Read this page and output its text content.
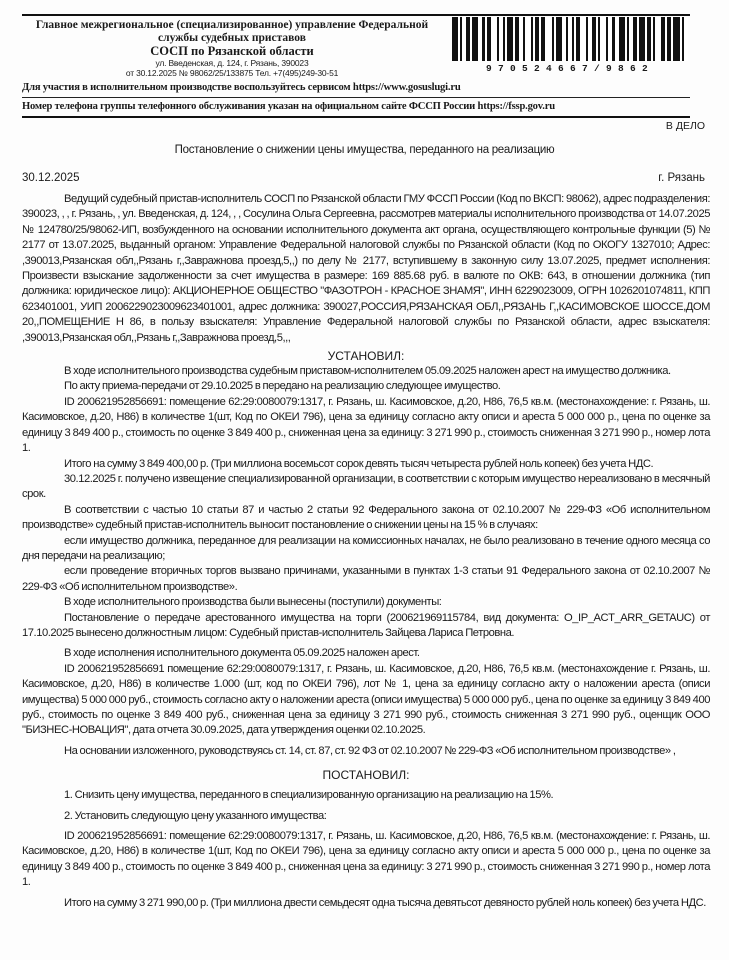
Главное межрегиональное (специализированное) управление Федеральной
службы судебных приставов
СОСП по Рязанской области
ул. Введенская, д. 124, г. Рязань, 390023
от 30.12.2025 № 98062/25/133875 Тел. +7(495)249-30-51	970524667/9862
Для участия в исполнительном производстве воспользуйтесь сервисом https://www.gosuslugi.ru
Номер телефона группы телефонного обслуживания указан на официальном сайте ФССП России https://fssp.gov.ru
В ДЕЛО
Постановление о снижении цены имущества, переданного на реализацию
30.12.2025	г. Рязань

Ведущий судебный пристав-исполнитель СОСП по Рязанской области ГМУ ФССП России (Код по ВКСП: 98062), адрес подразделения: 390023, , , г. Рязань, , ул. Введенская, д. 124, , , Сосулина Ольга Сергеевна, рассмотрев материалы исполнительного производства от 14.07.2025 № 124780/25/98062-ИП, возбужденного на основании исполнительного документа акт органа, осуществляющего контрольные функции (5) № 2177 от 13.07.2025, выданный органом: Управление Федеральной налоговой службы по Рязанской области (Код по ОКОГУ 1327010; Адрес: ,390013,Рязанская обл,,Рязань г,,Завражнова проезд,5,,) по делу № 2177, вступившему в законную силу 13.07.2025, предмет исполнения: Произвести взыскание задолженности за счет имущества в размере: 169 885.68 руб. в валюте по ОКВ: 643, в отношении должника (тип должника: юридическое лицо): АКЦИОНЕРНОЕ ОБЩЕСТВО "ФАЗОТРОН - КРАСНОЕ ЗНАМЯ", ИНН 6229023009, ОГРН 1026201074811, КПП 623401001, УИП 2006229023009623401001, адрес должника: 390027,РОССИЯ,РЯЗАНСКАЯ ОБЛ,,РЯЗАНЬ Г,,КАСИМОВСКОЕ ШОССЕ,ДОМ 20,,ПОМЕЩЕНИЕ Н 86, в пользу взыскателя: Управление Федеральной налоговой службы по Рязанской области, адрес взыскателя: ,390013,Рязанская обл,,Рязань г,,Завражнова проезд,5,,,

УСТАНОВИЛ:

В ходе исполнительного производства судебным приставом-исполнителем 05.09.2025 наложен арест на имущество должника.

По акту приема-передачи от 29.10.2025 в передано на реализацию следующее имущество.

ID 200621952856691: помещение 62:29:0080079:1317, г. Рязань, ш. Касимовское, д.20, Н86, 76,5 кв.м. (местонахождение: г. Рязань, ш. Касимовское, д.20, Н86) в количестве 1(шт, Код по ОКЕИ 796), цена за единицу согласно акту описи и ареста 5 000 000 р., цена по оценке за единицу 3 849 400 р., стоимость по оценке 3 849 400 р., сниженная цена за единицу: 3 271 990 р., стоимость сниженная 3 271 990 р., номер лота 1.

Итого на сумму 3 849 400,00 р. (Три миллиона восемьсот сорок девять тысяч четыреста рублей ноль копеек) без учета НДС.

30.12.2025 г. получено извещение специализированной организации, в соответствии с которым имущество нереализовано в месячный срок.

В соответствии с частью 10 статьи 87 и частью 2 статьи 92 Федерального закона от 02.10.2007 № 229-ФЗ «Об исполнительном производстве» судебный пристав-исполнитель выносит постановление о снижении цены на 15 % в случаях:

если имущество должника, переданное для реализации на комиссионных началах, не было реализовано в течение одного месяца со дня передачи на реализацию;

если проведение вторичных торгов вызвано причинами, указанными в пунктах 1-3 статьи 91 Федерального закона от 02.10.2007 № 229-ФЗ «Об исполнительном производстве».

В ходе исполнительного производства были вынесены (поступили) документы:

Постановление о передаче арестованного имущества на торги (200621969115784, вид документа: O_IP_ACT_ARR_GETAUC) от 17.10.2025 вынесено должностным лицом: Судебный пристав-исполнитель Зайцева Лариса Петровна.

В ходе исполнения исполнительного документа 05.09.2025 наложен арест.

ID 200621952856691 помещение 62:29:0080079:1317, г. Рязань, ш. Касимовское, д.20, Н86, 76,5 кв.м. (местонахождение г. Рязань, ш. Касимовское, д.20, Н86) в количестве 1.000 (шт, код по ОКЕИ 796), лот № 1, цена за единицу согласно акту о наложении ареста (описи имущества) 5 000 000 руб., стоимость согласно акту о наложении ареста (описи имущества) 5 000 000 руб., цена по оценке за единицу 3 849 400 руб., стоимость по оценке 3 849 400 руб., сниженная цена за единицу 3 271 990 руб., стоимость сниженная 3 271 990 руб., оценщик ООО "БИЗНЕС-НОВАЦИЯ", дата отчета 30.09.2025, дата утверждения оценки 02.10.2025.

На основании изложенного, руководствуясь ст. 14, ст. 87, ст. 92 ФЗ от 02.10.2007 № 229-ФЗ «Об исполнительном производстве» ,

ПОСТАНОВИЛ:

1. Снизить цену имущества, переданного в специализированную организацию на реализацию на 15%.

2. Установить следующую цену указанного имущества:

ID 200621952856691: помещение 62:29:0080079:1317, г. Рязань, ш. Касимовское, д.20, Н86, 76,5 кв.м. (местонахождение: г. Рязань, ш. Касимовское, д.20, Н86) в количестве 1(шт, Код по ОКЕИ 796), цена за единицу согласно акту описи и ареста 5 000 000 р., цена по оценке за единицу 3 849 400 р., стоимость по оценке 3 849 400 р., сниженная цена за единицу: 3 271 990 р., стоимость сниженная 3 271 990 р., номер лота 1.

Итого на сумму 3 271 990,00 р. (Три миллиона двести семьдесят одна тысяча девятьсот девяносто рублей ноль копеек) без учета НДС.
